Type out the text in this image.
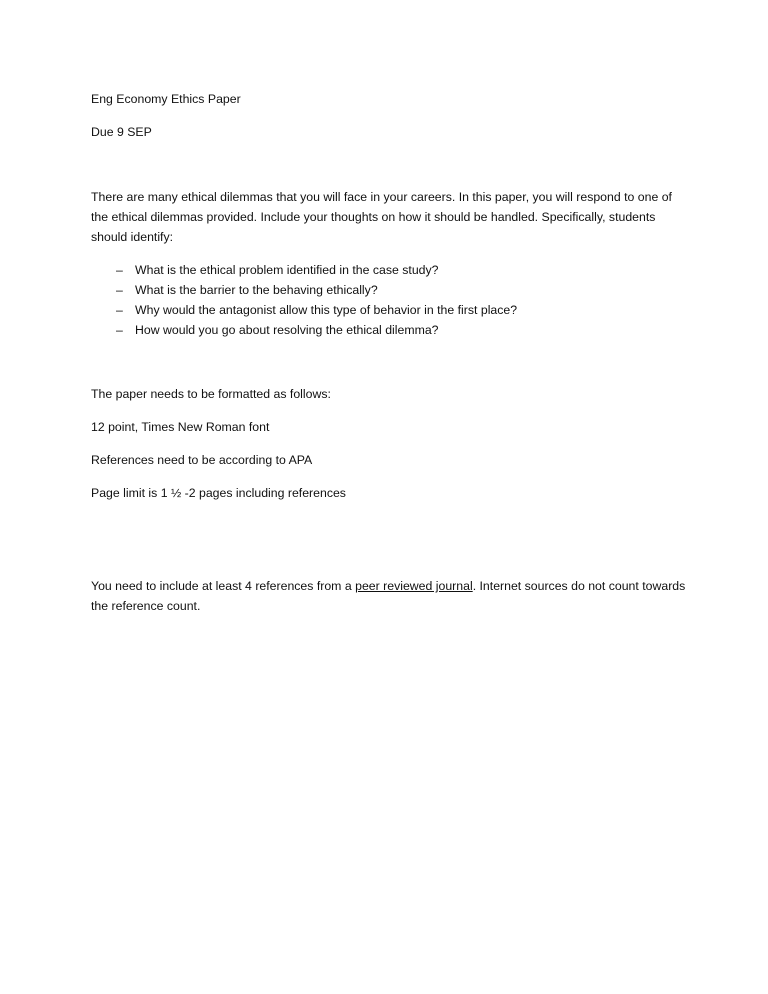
Eng Economy Ethics Paper

Due 9 SEP

There are many ethical dilemmas that you will face in your careers. In this paper, you will respond to one of the ethical dilemmas provided. Include your thoughts on how it should be handled. Specifically, students should identify:

– What is the ethical problem identified in the case study?
– What is the barrier to the behaving ethically?
– Why would the antagonist allow this type of behavior in the first place?
– How would you go about resolving the ethical dilemma?

The paper needs to be formatted as follows:

12 point, Times New Roman font

References need to be according to APA

Page limit is 1 ½ -2 pages including references

You need to include at least 4 references from a peer reviewed journal. Internet sources do not count towards the reference count.
